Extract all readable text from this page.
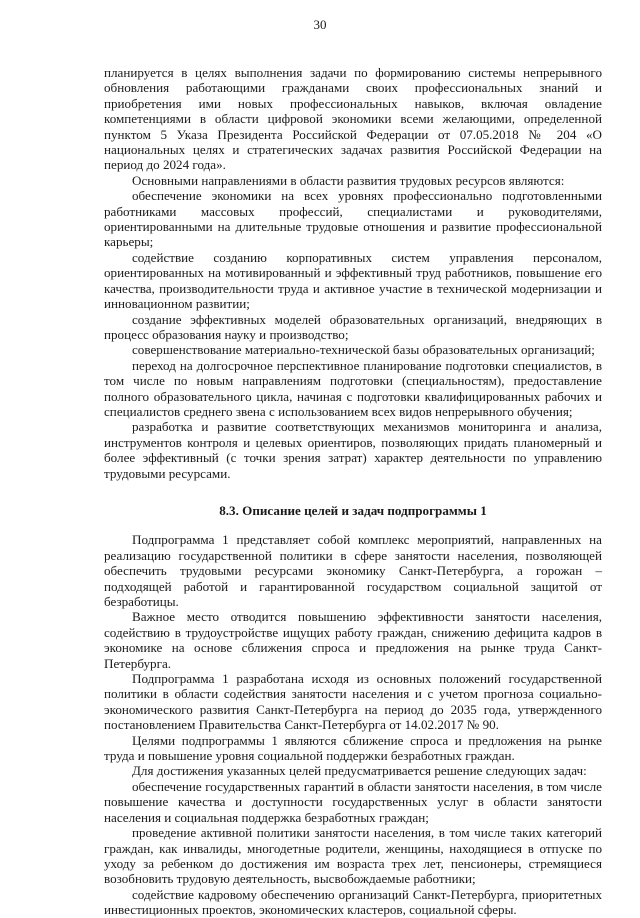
30

планируется в целях выполнения задачи по формированию системы непрерывного обновления работающими гражданами своих профессиональных знаний и приобретения ими новых профессиональных навыков, включая овладение компетенциями в области цифровой экономики всеми желающими, определенной пунктом 5 Указа Президента Российской Федерации от 07.05.2018 № 204 «О национальных целях и стратегических задачах развития Российской Федерации на период до 2024 года».

Основными направлениями в области развития трудовых ресурсов являются:

обеспечение экономики на всех уровнях профессионально подготовленными работниками массовых профессий, специалистами и руководителями, ориентированными на длительные трудовые отношения и развитие профессиональной карьеры;

содействие созданию корпоративных систем управления персоналом, ориентированных на мотивированный и эффективный труд работников, повышение его качества, производительности труда и активное участие в технической модернизации и инновационном развитии;

создание эффективных моделей образовательных организаций, внедряющих в процесс образования науку и производство;

совершенствование материально-технической базы образовательных организаций;

переход на долгосрочное перспективное планирование подготовки специалистов, в том числе по новым направлениям подготовки (специальностям), предоставление полного образовательного цикла, начиная с подготовки квалифицированных рабочих и специалистов среднего звена с использованием всех видов непрерывного обучения;

разработка и развитие соответствующих механизмов мониторинга и анализа, инструментов контроля и целевых ориентиров, позволяющих придать планомерный и более эффективный (с точки зрения затрат) характер деятельности по управлению трудовыми ресурсами.

8.3. Описание целей и задач подпрограммы 1

Подпрограмма 1 представляет собой комплекс мероприятий, направленных на реализацию государственной политики в сфере занятости населения, позволяющей обеспечить трудовыми ресурсами экономику Санкт-Петербурга, а горожан – подходящей работой и гарантированной государством социальной защитой от безработицы.

Важное место отводится повышению эффективности занятости населения, содействию в трудоустройстве ищущих работу граждан, снижению дефицита кадров в экономике на основе сближения спроса и предложения на рынке труда Санкт-Петербурга.

Подпрограмма 1 разработана исходя из основных положений государственной политики в области содействия занятости населения и с учетом прогноза социально-экономического развития Санкт-Петербурга на период до 2035 года, утвержденного постановлением Правительства Санкт-Петербурга от 14.02.2017 № 90.

Целями подпрограммы 1 являются сближение спроса и предложения на рынке труда и повышение уровня социальной поддержки безработных граждан.

Для достижения указанных целей предусматривается решение следующих задач:

обеспечение государственных гарантий в области занятости населения, в том числе повышение качества и доступности государственных услуг в области занятости населения и социальная поддержка безработных граждан;

проведение активной политики занятости населения, в том числе таких категорий граждан, как инвалиды, многодетные родители, женщины, находящиеся в отпуске по уходу за ребенком до достижения им возраста трех лет, пенсионеры, стремящиеся возобновить трудовую деятельность, высвобождаемые работники;

содействие кадровому обеспечению организаций Санкт-Петербурга, приоритетных инвестиционных проектов, экономических кластеров, социальной сферы.
